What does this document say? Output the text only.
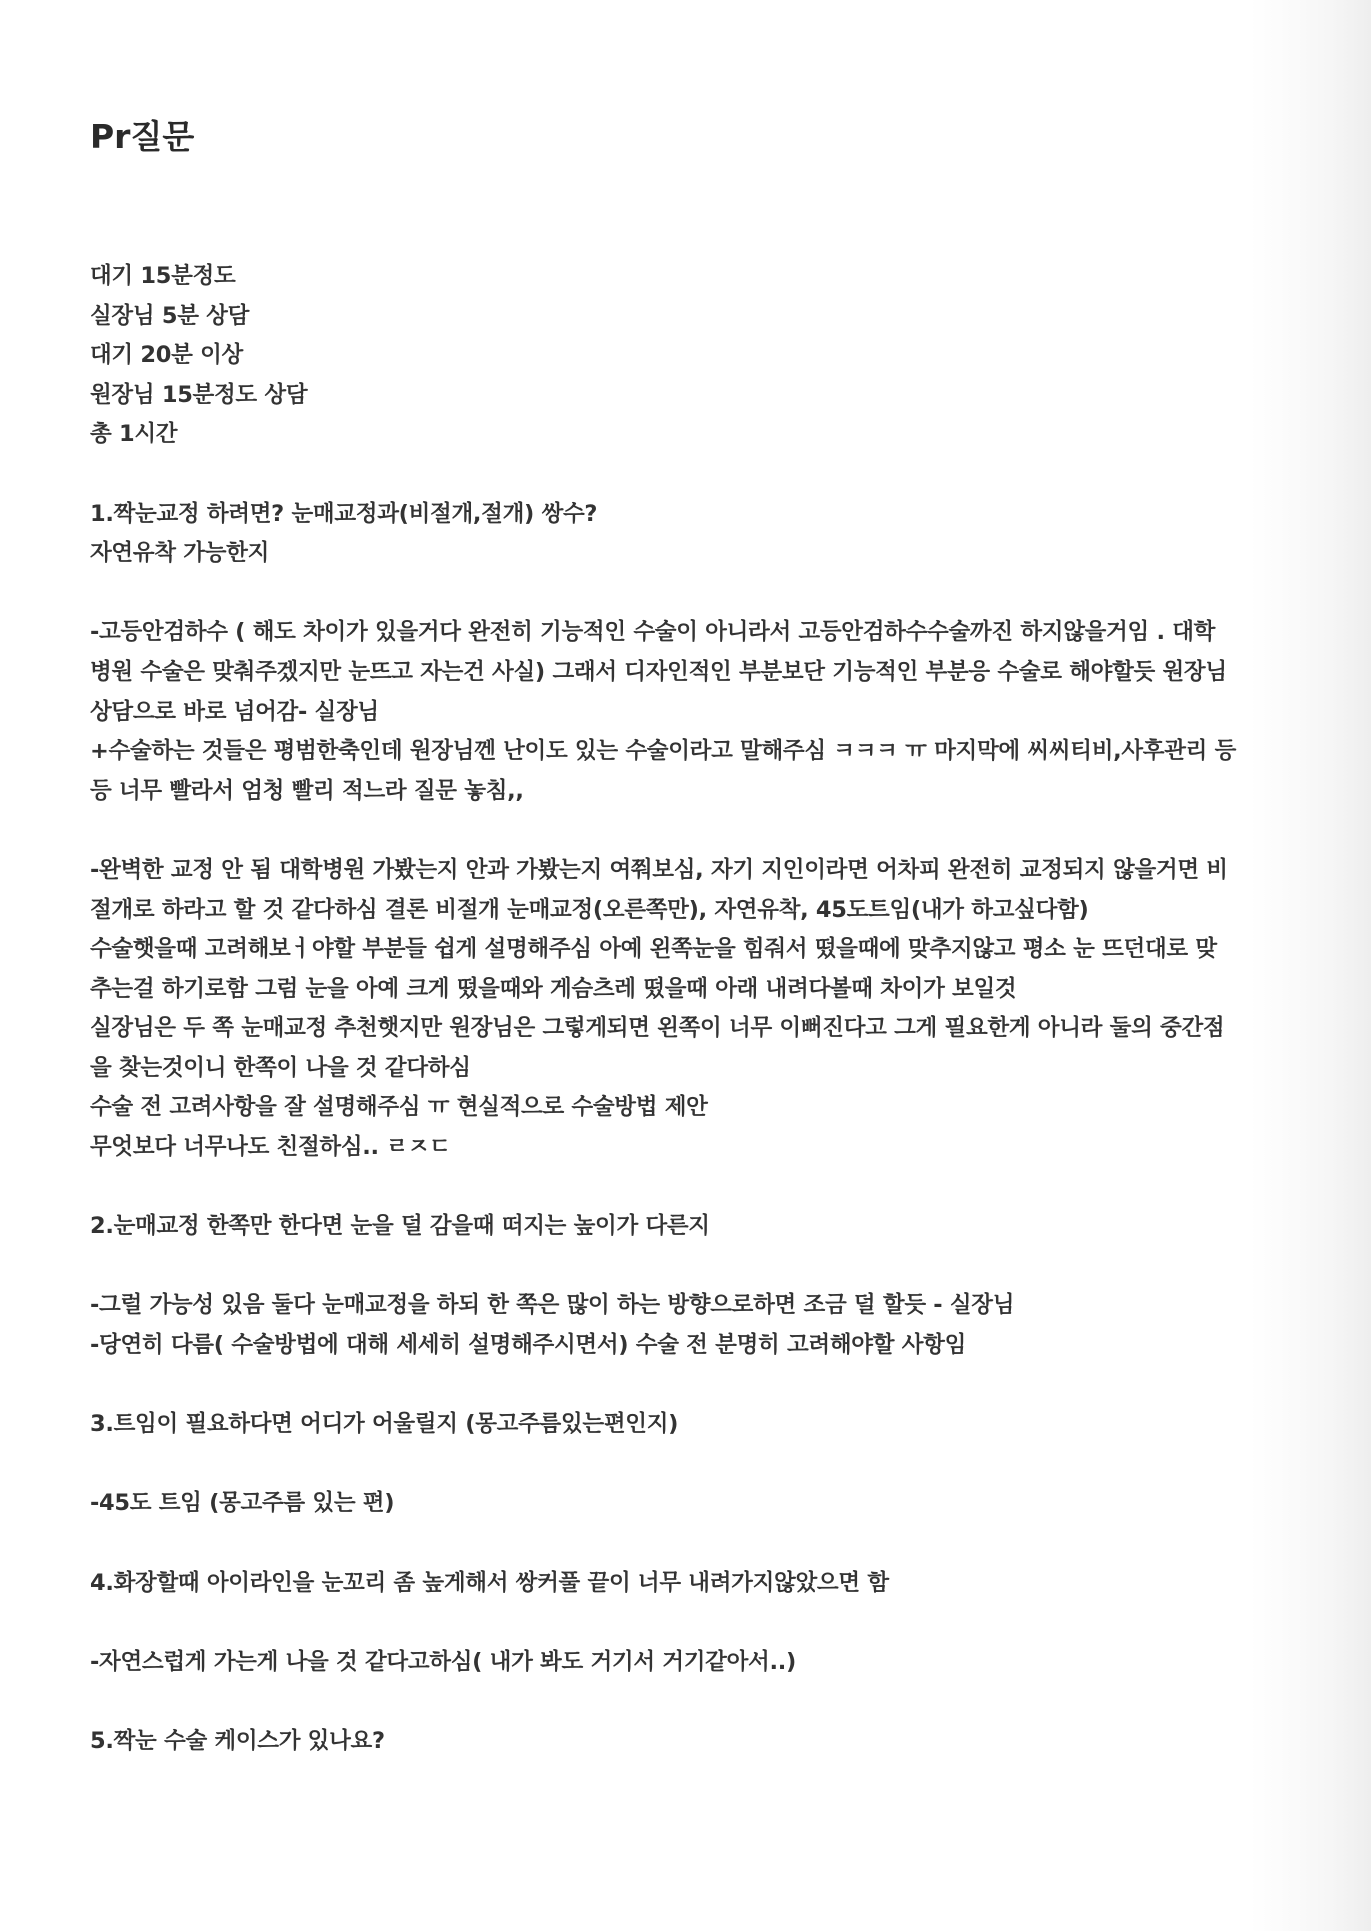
Pr질문
대기 15분정도
실장님 5분 상담
대기 20분 이상
원장님 15분정도 상담
총 1시간
1.짝눈교정 하려면? 눈매교정과(비절개,절개) 쌍수?
자연유착 가능한지
-고등안검하수 ( 해도 차이가 있을거다 완전히 기능적인 수술이 아니라서 고등안검하수수술까진 하지않을거임 . 대학
병원 수술은 맞춰주겠지만 눈뜨고 자는건 사실) 그래서 디자인적인 부분보단 기능적인 부분응 수술로 해야할듯 원장님
상담으로 바로 넘어감- 실장님
+수술하는 것들은 평범한축인데 원장님껜 난이도 있는 수술이라고 말해주심 ㅋㅋㅋ ㅠ 마지막에 씨씨티비,사후관리 등
등 너무 빨라서 엄청 빨리 적느라 질문 놓침,,
-완벽한 교정 안 됨 대학병원 가봤는지 안과 가봤는지 여쭤보심, 자기 지인이라면 어차피 완전히 교정되지 않을거면 비
절개로 하라고 할 것 같다하심 결론 비절개 눈매교정(오른쪽만), 자연유착, 45도트임(내가 하고싶다함)
수술햇을때 고려해보ㅓ야할 부분들 쉽게 설명해주심 아예 왼쪽눈을 힘줘서 떴을때에 맞추지않고 평소 눈 뜨던대로 맞
추는걸 하기로함 그럼 눈을 아예 크게 떴을때와 게슴츠레 떴을때 아래 내려다볼때 차이가 보일것
실장님은 두 쪽 눈매교정 추천햇지만 원장님은 그렇게되면 왼쪽이 너무 이뻐진다고 그게 필요한게 아니라 둘의 중간점
을 찾는것이니 한쪽이 나을 것 같다하심
수술 전 고려사항을 잘 설명해주심 ㅠ 현실적으로 수술방법 제안
무엇보다 너무나도 친절하심.. ㄹㅈㄷ
2.눈매교정 한쪽만 한다면 눈을 덜 감을때 떠지는 높이가 다른지
-그럴 가능성 있음 둘다 눈매교정을 하되 한 쪽은 많이 하는 방향으로하면 조금 덜 할듯 - 실장님
-당연히 다름( 수술방법에 대해 세세히 설명해주시면서) 수술 전 분명히 고려해야할 사항임
3.트임이 필요하다면 어디가 어울릴지 (몽고주름있는편인지)
-45도 트임 (몽고주름 있는 편)
4.화장할때 아이라인을 눈꼬리 좀 높게해서 쌍커풀 끝이 너무 내려가지않았으면 함
-자연스럽게 가는게 나을 것 같다고하심( 내가 봐도 거기서 거기같아서..)
5.짝눈 수술 케이스가 있나요?
